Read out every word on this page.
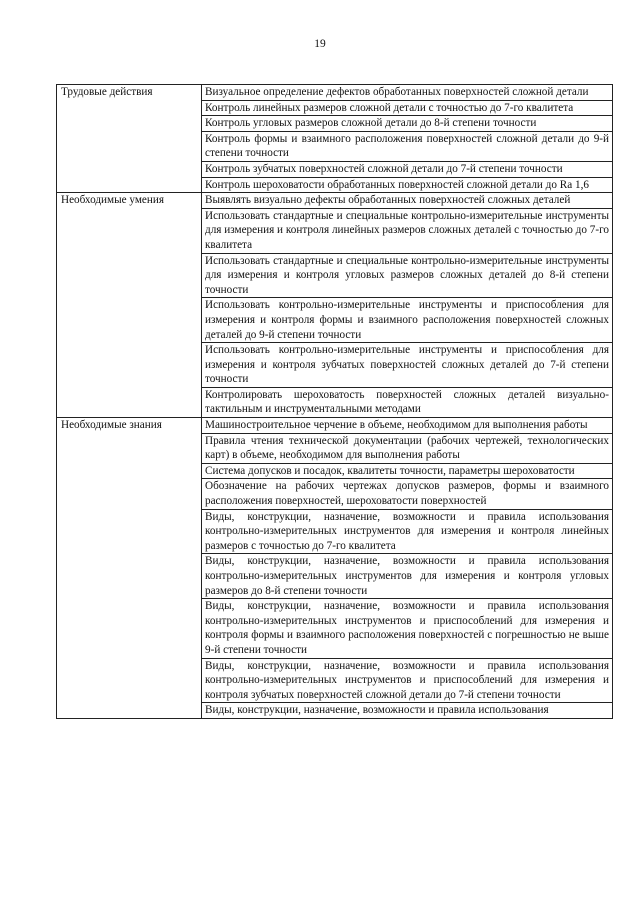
19
Трудовые действия	Визуальное определение дефектов обработанных поверхностей сложной детали
	Контроль линейных размеров сложной детали с точностью до 7-го квалитета
	Контроль угловых размеров сложной детали до 8-й степени точности
	Контроль формы и взаимного расположения поверхностей сложной детали до 9-й степени точности
	Контроль зубчатых поверхностей сложной детали до 7-й степени точности
	Контроль шероховатости обработанных поверхностей сложной детали до Ra 1,6
Необходимые умения	Выявлять визуально дефекты обработанных поверхностей сложных деталей
	Использовать стандартные и специальные контрольно-измерительные инструменты для измерения и контроля линейных размеров сложных деталей с точностью до 7-го квалитета
	Использовать стандартные и специальные контрольно-измерительные инструменты для измерения и контроля угловых размеров сложных деталей до 8-й степени точности
	Использовать контрольно-измерительные инструменты и приспособления для измерения и контроля формы и взаимного расположения поверхностей сложных деталей до 9-й степени точности
	Использовать контрольно-измерительные инструменты и приспособления для измерения и контроля зубчатых поверхностей сложных деталей до 7-й степени точности
	Контролировать шероховатость поверхностей сложных деталей визуально-тактильным и инструментальными методами
Необходимые знания	Машиностроительное черчение в объеме, необходимом для выполнения работы
	Правила чтения технической документации (рабочих чертежей, технологических карт) в объеме, необходимом для выполнения работы
	Система допусков и посадок, квалитеты точности, параметры шероховатости
	Обозначение на рабочих чертежах допусков размеров, формы и взаимного расположения поверхностей, шероховатости поверхностей
	Виды, конструкции, назначение, возможности и правила использования контрольно-измерительных инструментов для измерения и контроля линейных размеров с точностью до 7-го квалитета
	Виды, конструкции, назначение, возможности и правила использования контрольно-измерительных инструментов для измерения и контроля угловых размеров до 8-й степени точности
	Виды, конструкции, назначение, возможности и правила использования контрольно-измерительных инструментов и приспособлений для измерения и контроля формы и взаимного расположения поверхностей с погрешностью не выше 9-й степени точности
	Виды, конструкции, назначение, возможности и правила использования контрольно-измерительных инструментов и приспособлений для измерения и контроля зубчатых поверхностей сложной детали до 7-й степени точности
	Виды, конструкции, назначение, возможности и правила использования
